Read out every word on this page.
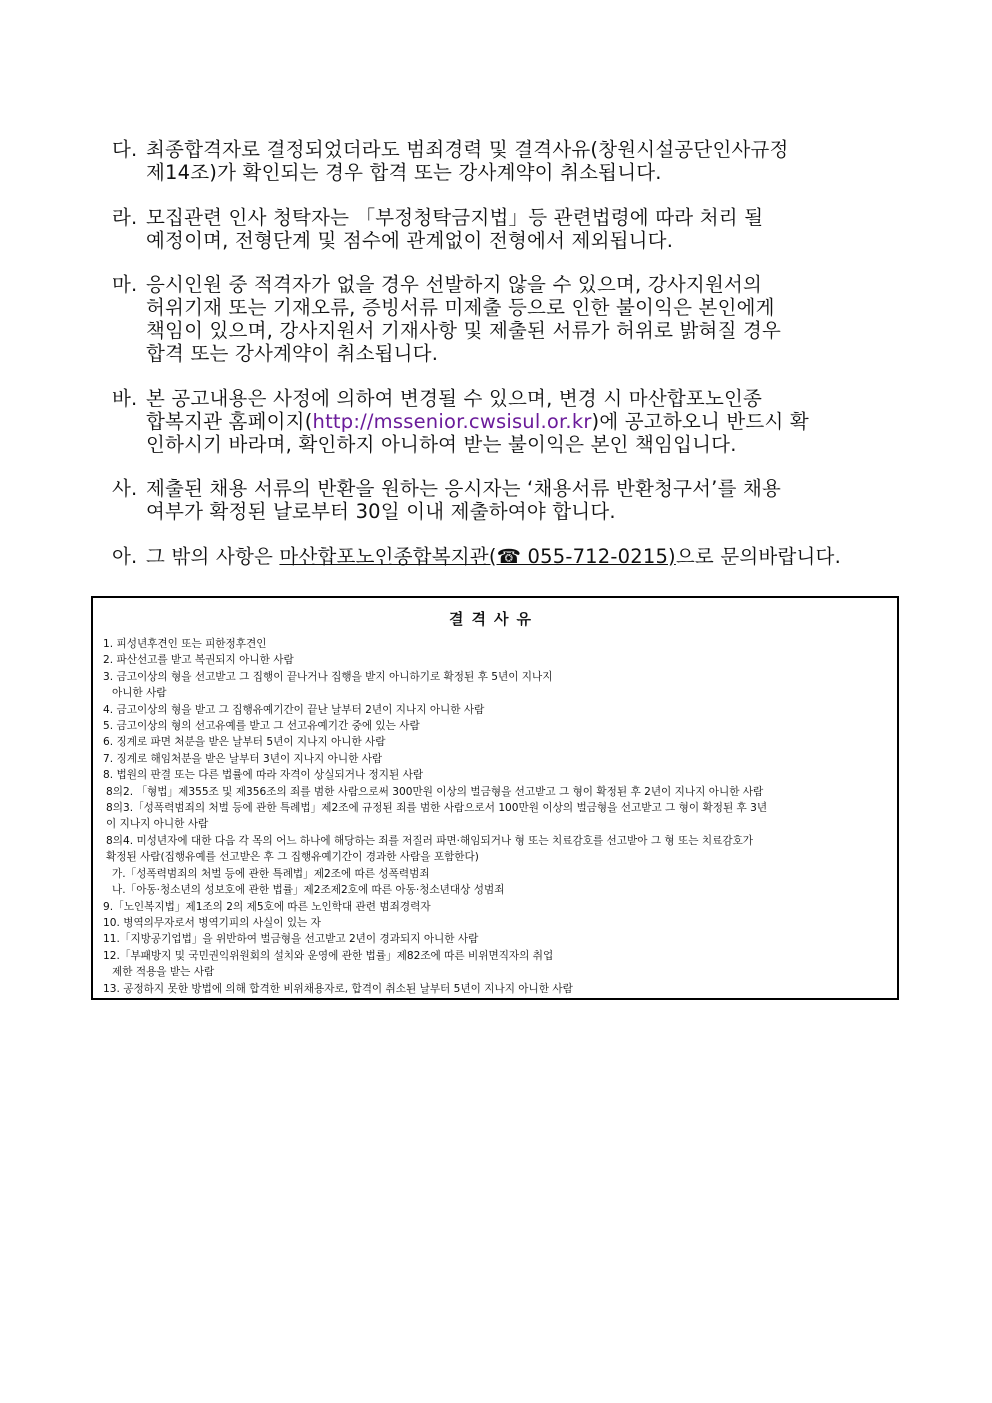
다. 최종합격자로 결정되었더라도 범죄경력 및 결격사유(창원시설공단인사규정
제14조)가 확인되는 경우 합격 또는 강사계약이 취소됩니다.
라. 모집관련 인사 청탁자는 「부정청탁금지법」등 관련법령에 따라 처리 될
예정이며, 전형단계 및 점수에 관계없이 전형에서 제외됩니다.
마. 응시인원 중 적격자가 없을 경우 선발하지 않을 수 있으며, 강사지원서의
허위기재 또는 기재오류, 증빙서류 미제출 등으로 인한 불이익은 본인에게
책임이 있으며, 강사지원서 기재사항 및 제출된 서류가 허위로 밝혀질 경우
합격 또는 강사계약이 취소됩니다.
바. 본 공고내용은 사정에 의하여 변경될 수 있으며, 변경 시 마산합포노인종
합복지관 홈페이지(http://mssenior.cwsisul.or.kr)에 공고하오니 반드시 확
인하시기 바라며, 확인하지 아니하여 받는 불이익은 본인 책임입니다.
사. 제출된 채용 서류의 반환을 원하는 응시자는 ‘채용서류 반환청구서’를 채용
여부가 확정된 날로부터 30일 이내 제출하여야 합니다.
아. 그 밖의 사항은 마산합포노인종합복지관(☎ 055-712-0215)으로 문의바랍니다.
결격사유
1. 피성년후견인 또는 피한정후견인
2. 파산선고를 받고 복권되지 아니한 사람
3. 금고이상의 형을 선고받고 그 집행이 끝나거나 집행을 받지 아니하기로 확정된 후 5년이 지나지
아니한 사람
4. 금고이상의 형을 받고 그 집행유예기간이 끝난 날부터 2년이 지나지 아니한 사람
5. 금고이상의 형의 선고유예를 받고 그 선고유예기간 중에 있는 사람
6. 징계로 파면 처분을 받은 날부터 5년이 지나지 아니한 사람
7. 징계로 해임처분을 받은 날부터 3년이 지나지 아니한 사람
8. 법원의 판결 또는 다른 법률에 따라 자격이 상실되거나 정지된 사람
8의2. 「형법」제355조 및 제356조의 죄를 범한 사람으로써 300만원 이상의 벌금형을 선고받고 그 형이 확정된 후 2년이 지나지 아니한 사람
8의3.「성폭력범죄의 처벌 등에 관한 특례법」제2조에 규정된 죄를 범한 사람으로서 100만원 이상의 벌금형을 선고받고 그 형이 확정된 후 3년
이 지나지 아니한 사람
8의4. 미성년자에 대한 다음 각 목의 어느 하나에 해당하는 죄를 저질러 파면·해임되거나 형 또는 치료감호를 선고받아 그 형 또는 치료감호가
확정된 사람(집행유예를 선고받은 후 그 집행유예기간이 경과한 사람을 포함한다)
가.「성폭력범죄의 처벌 등에 관한 특례법」제2조에 따른 성폭력범죄
나.「아동·청소년의 성보호에 관한 법률」제2조제2호에 따른 아동·청소년대상 성범죄
9.「노인복지법」제1조의 2의 제5호에 따른 노인학대 관련 범죄경력자
10. 병역의무자로서 병역기피의 사실이 있는 자
11.「지방공기업법」을 위반하여 벌금형을 선고받고 2년이 경과되지 아니한 사람
12.「부패방지 및 국민권익위원회의 설치와 운영에 관한 법률」제82조에 따른 비위면직자의 취업
제한 적용을 받는 사람
13. 공정하지 못한 방법에 의해 합격한 비위채용자로, 합격이 취소된 날부터 5년이 지나지 아니한 사람
